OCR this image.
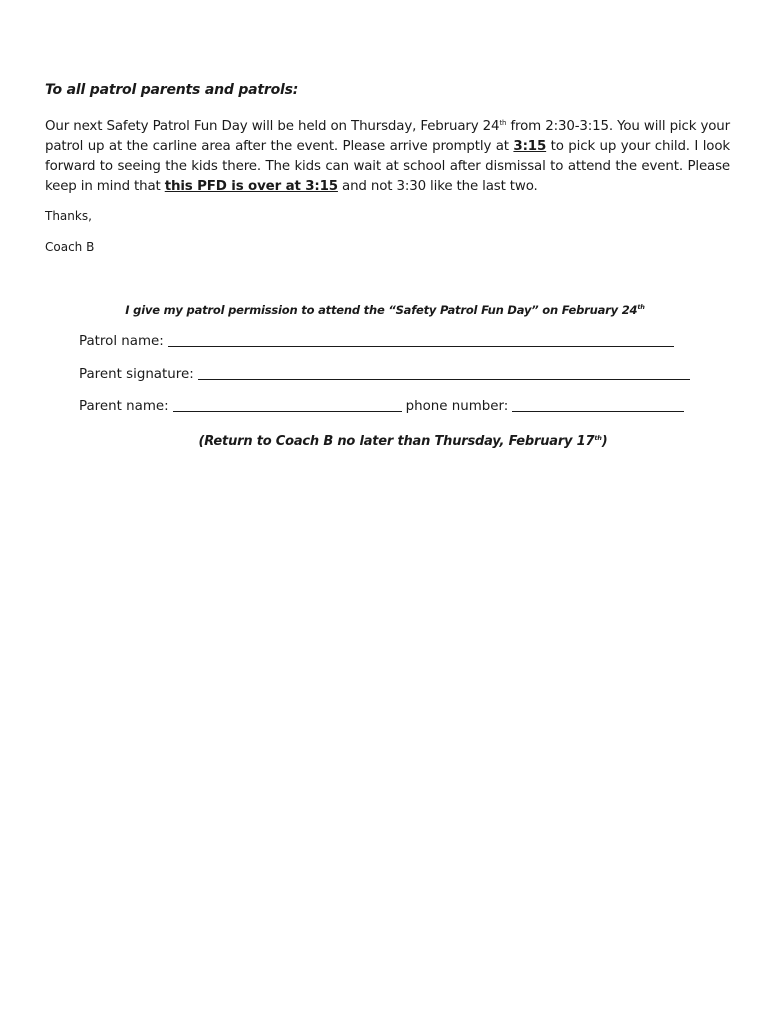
To all patrol parents and patrols:

Our next Safety Patrol Fun Day will be held on Thursday, February 24th from 2:30-3:15. You will pick your patrol up at the carline area after the event. Please arrive promptly at 3:15 to pick up your child. I look forward to seeing the kids there. The kids can wait at school after dismissal to attend the event. Please keep in mind that this PFD is over at 3:15 and not 3:30 like the last two.

Thanks,
Coach B
I give my patrol permission to attend the “Safety Patrol Fun Day” on February 24th
Patrol name:
Parent signature:
Parent name:	phone number:
(Return to Coach B no later than Thursday, February 17th)
